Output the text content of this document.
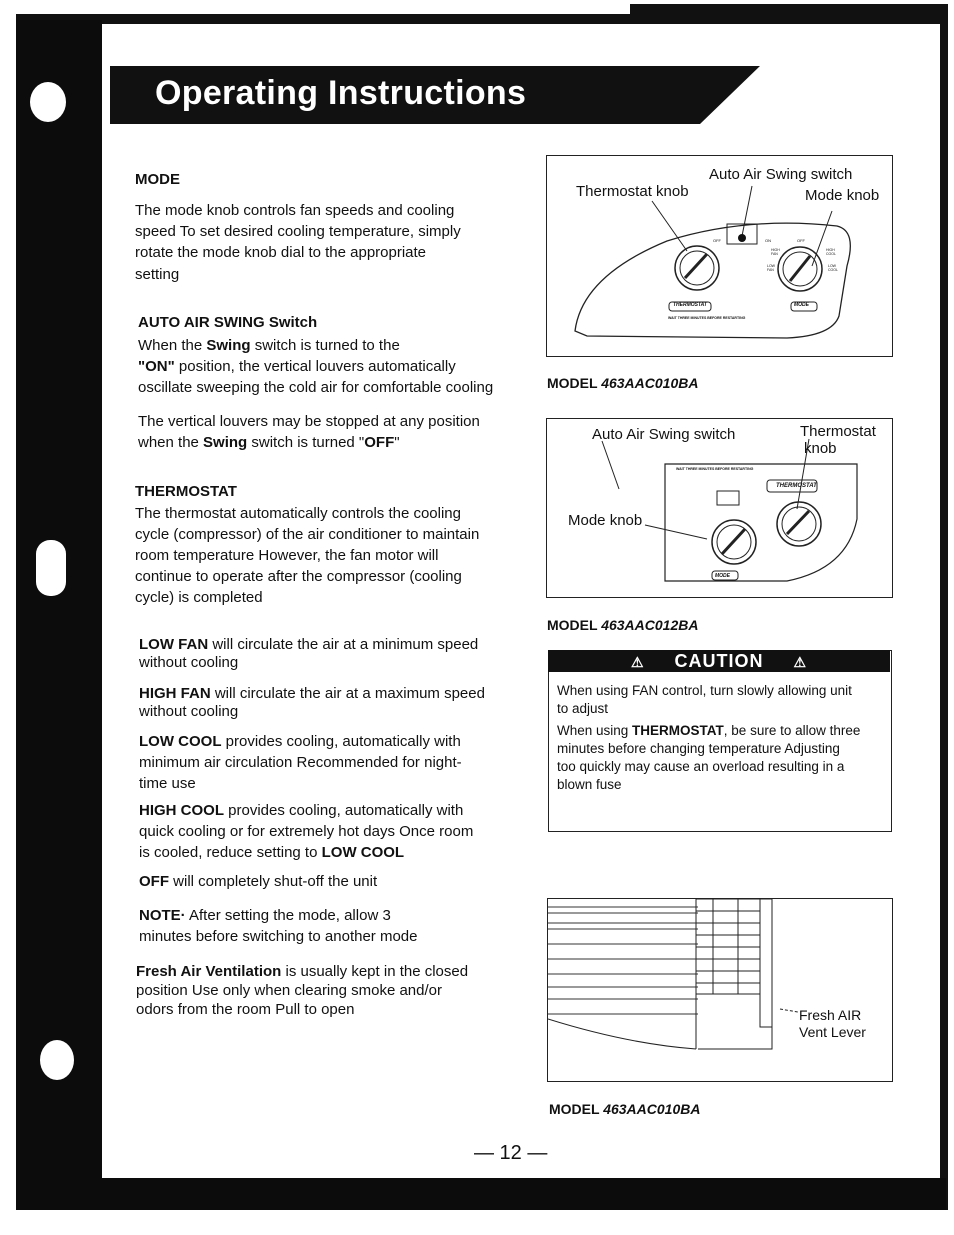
Operating Instructions
MODE
The mode knob controls fan speeds and cooling
speed To set desired cooling temperature, simply
rotate the mode knob dial to the appropriate
setting
AUTO AIR SWING Switch
When the Swing switch is turned to the
"ON" position, the vertical louvers automatically
oscillate sweeping the cold air for comfortable cooling
The vertical louvers may be stopped at any position
when the Swing switch is turned "OFF"
THERMOSTAT
The thermostat automatically controls the cooling
cycle (compressor) of the air conditioner to maintain
room temperature However, the fan motor will
continue to operate after the compressor (cooling
cycle) is completed
LOW FAN will circulate the air at a minimum speed
without cooling
HIGH FAN will circulate the air at a maximum speed
without cooling
LOW COOL provides cooling, automatically with
minimum air circulation Recommended for night-
time use
HIGH COOL provides cooling, automatically with
quick cooling or for extremely hot days Once room
is cooled, reduce setting to LOW COOL
OFF will completely shut-off the unit
NOTE· After setting the mode, allow 3
minutes before switching to another mode
Fresh Air Ventilation is usually kept in the closed
position Use only when clearing smoke and/or
odors from the room Pull to open
Auto Air Swing switch
Thermostat knob	Mode knob
OFF	ON	OFF
HIGH FAN
HIGH COOL
LOW FAN
LOW COOL
THERMOSTAT	MODE
WAIT THREE MINUTES BEFORE RESTARTING
MODEL 463AAC010BA
Auto Air Swing switch	Thermostat
knob
Mode knob
THERMOSTAT
MODE
WAIT THREE MINUTES BEFORE RESTARTING
MODEL 463AAC012BA
⚠ CAUTION ⚠
When using FAN control, turn slowly allowing unit
to adjust
When using THERMOSTAT, be sure to allow three
minutes before changing temperature Adjusting
too quickly may cause an overload resulting in a
blown fuse
Fresh AIR
Vent Lever
MODEL 463AAC010BA
— 12 —
